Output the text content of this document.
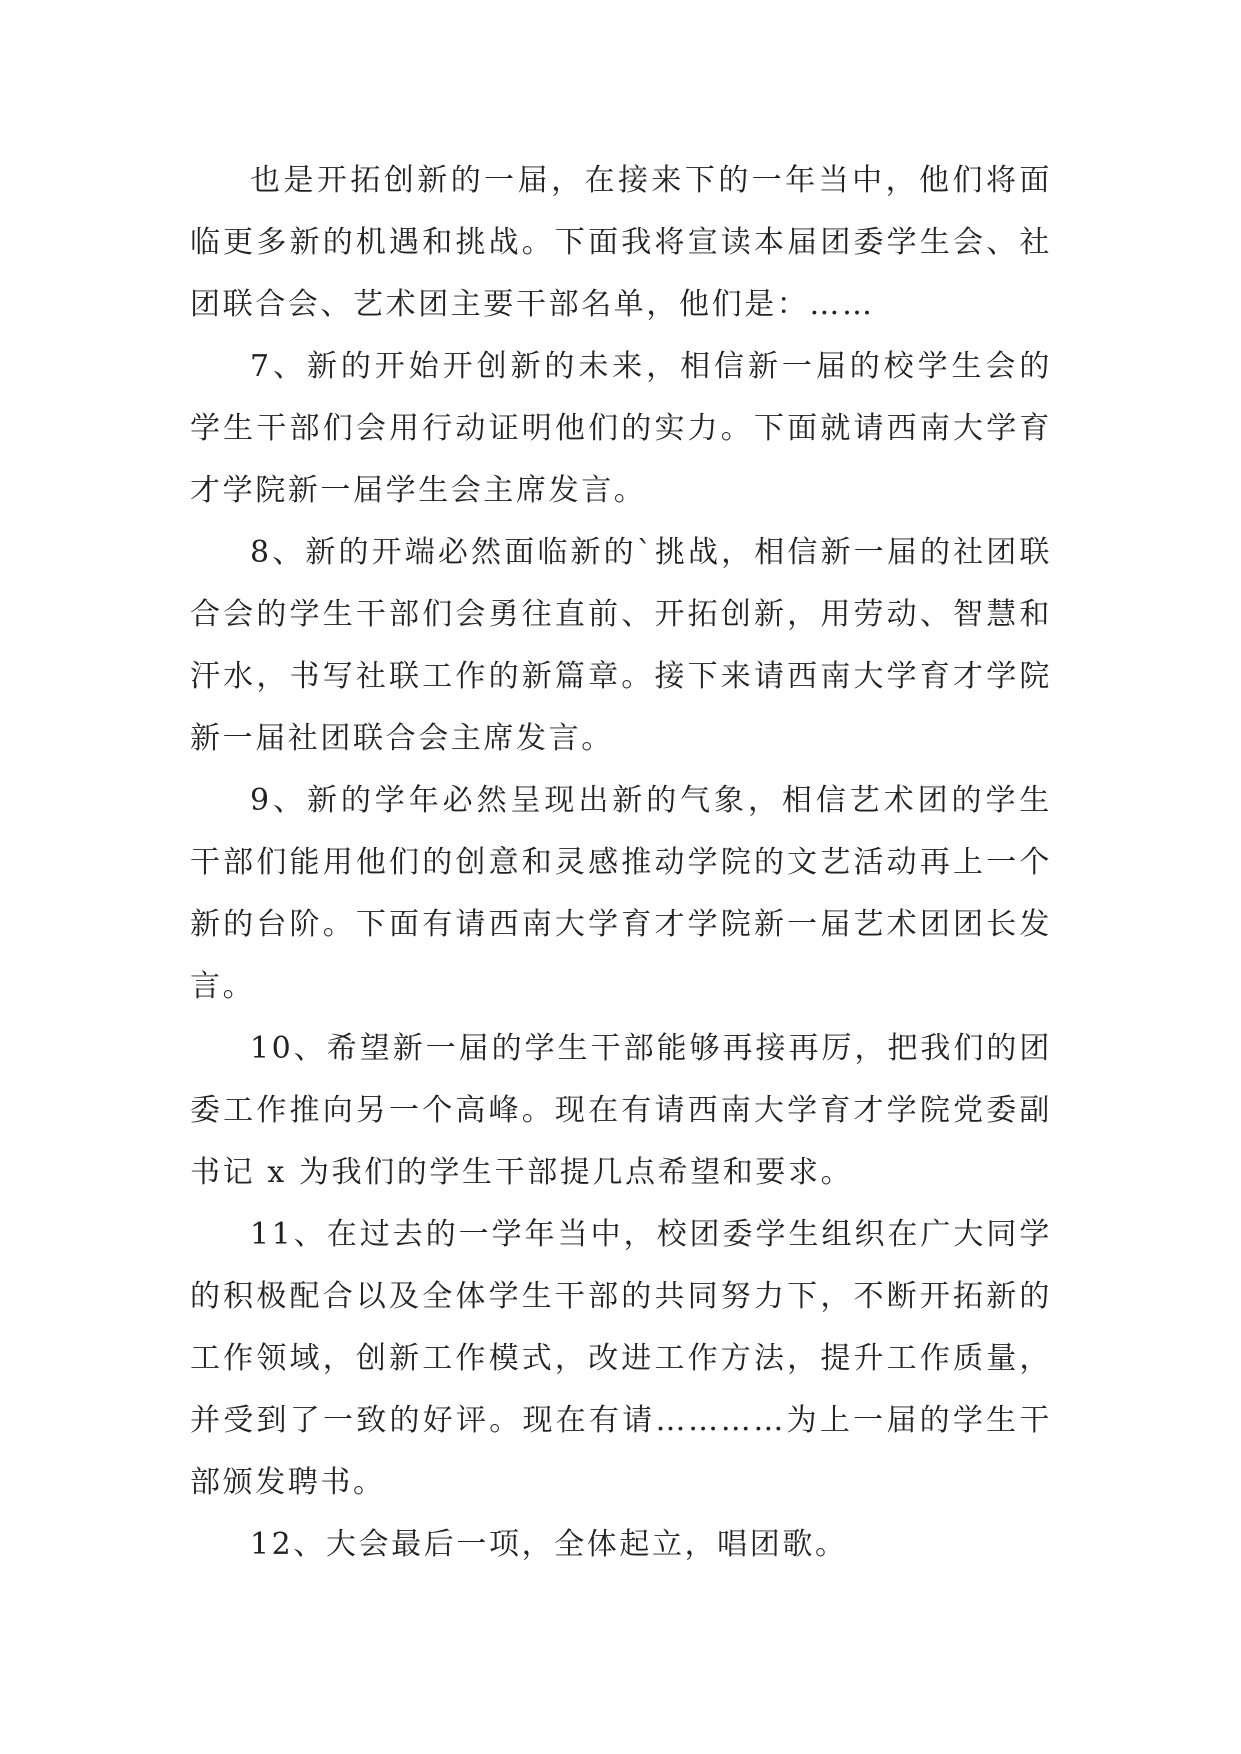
也是开拓创新的一届，在接来下的一年当中，他们将面临更多新的机遇和挑战。下面我将宣读本届团委学生会、社团联合会、艺术团主要干部名单，他们是：……

7、新的开始开创新的未来，相信新一届的校学生会的学生干部们会用行动证明他们的实力。下面就请西南大学育才学院新一届学生会主席发言。

8、新的开端必然面临新的`挑战，相信新一届的社团联合会的学生干部们会勇往直前、开拓创新，用劳动、智慧和汗水，书写社联工作的新篇章。接下来请西南大学育才学院新一届社团联合会主席发言。

9、新的学年必然呈现出新的气象，相信艺术团的学生干部们能用他们的创意和灵感推动学院的文艺活动再上一个新的台阶。下面有请西南大学育才学院新一届艺术团团长发言。

10、希望新一届的学生干部能够再接再厉，把我们的团委工作推向另一个高峰。现在有请西南大学育才学院党委副书记 x 为我们的学生干部提几点希望和要求。

11、在过去的一学年当中，校团委学生组织在广大同学的积极配合以及全体学生干部的共同努力下，不断开拓新的工作领域，创新工作模式，改进工作方法，提升工作质量，并受到了一致的好评。现在有请…………为上一届的学生干部颁发聘书。

12、大会最后一项，全体起立，唱团歌。
